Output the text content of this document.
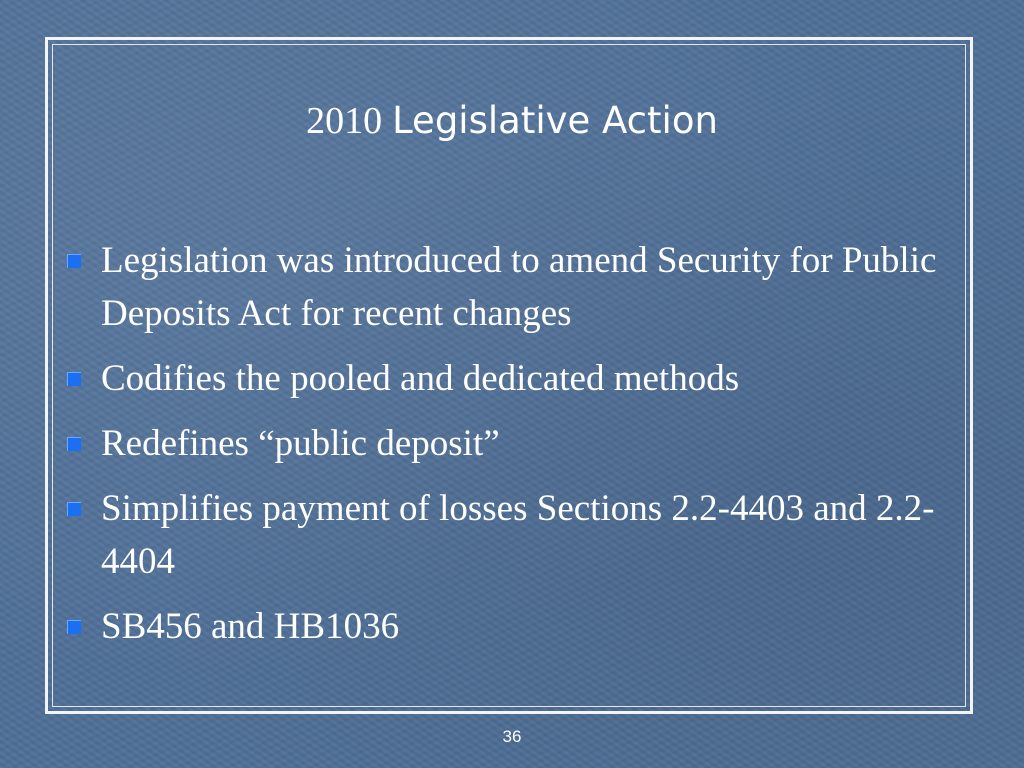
2010 Legislative Action
Legislation was introduced to amend Security for Public Deposits Act for recent changes
Codifies the pooled and dedicated methods
Redefines “public deposit”
Simplifies payment of losses Sections 2.2-4403 and 2.2-4404
SB456 and HB1036
36
